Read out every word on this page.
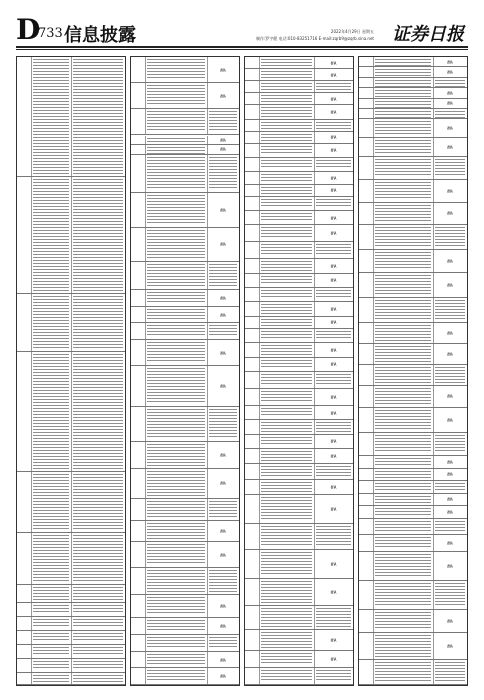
D
733 信息披露	2022年4月29日 星期五
制作:罗宇健 电话:010-83251716 E-mail:zqrb9@zqrb.sina.net 证券日报
否认
否认
否认
否认
否认
否认
否认
否认
否认
否认
否认
否认
否认
否认
否认
否认
否认
否认
否认
否认
否认
否认
否认
否认
否认
否认
否认
否认
否认
否认
否认
否认
否认
否认
否认
否认
否认
否认
否认
否认
否认
否认
否认
否认
否认
否认
否认
否认
否认
否认
否认
否认
否认
否认
否认
否认
否认
否认
否认
否认
否认
否认
否认
否认
否认
否认
